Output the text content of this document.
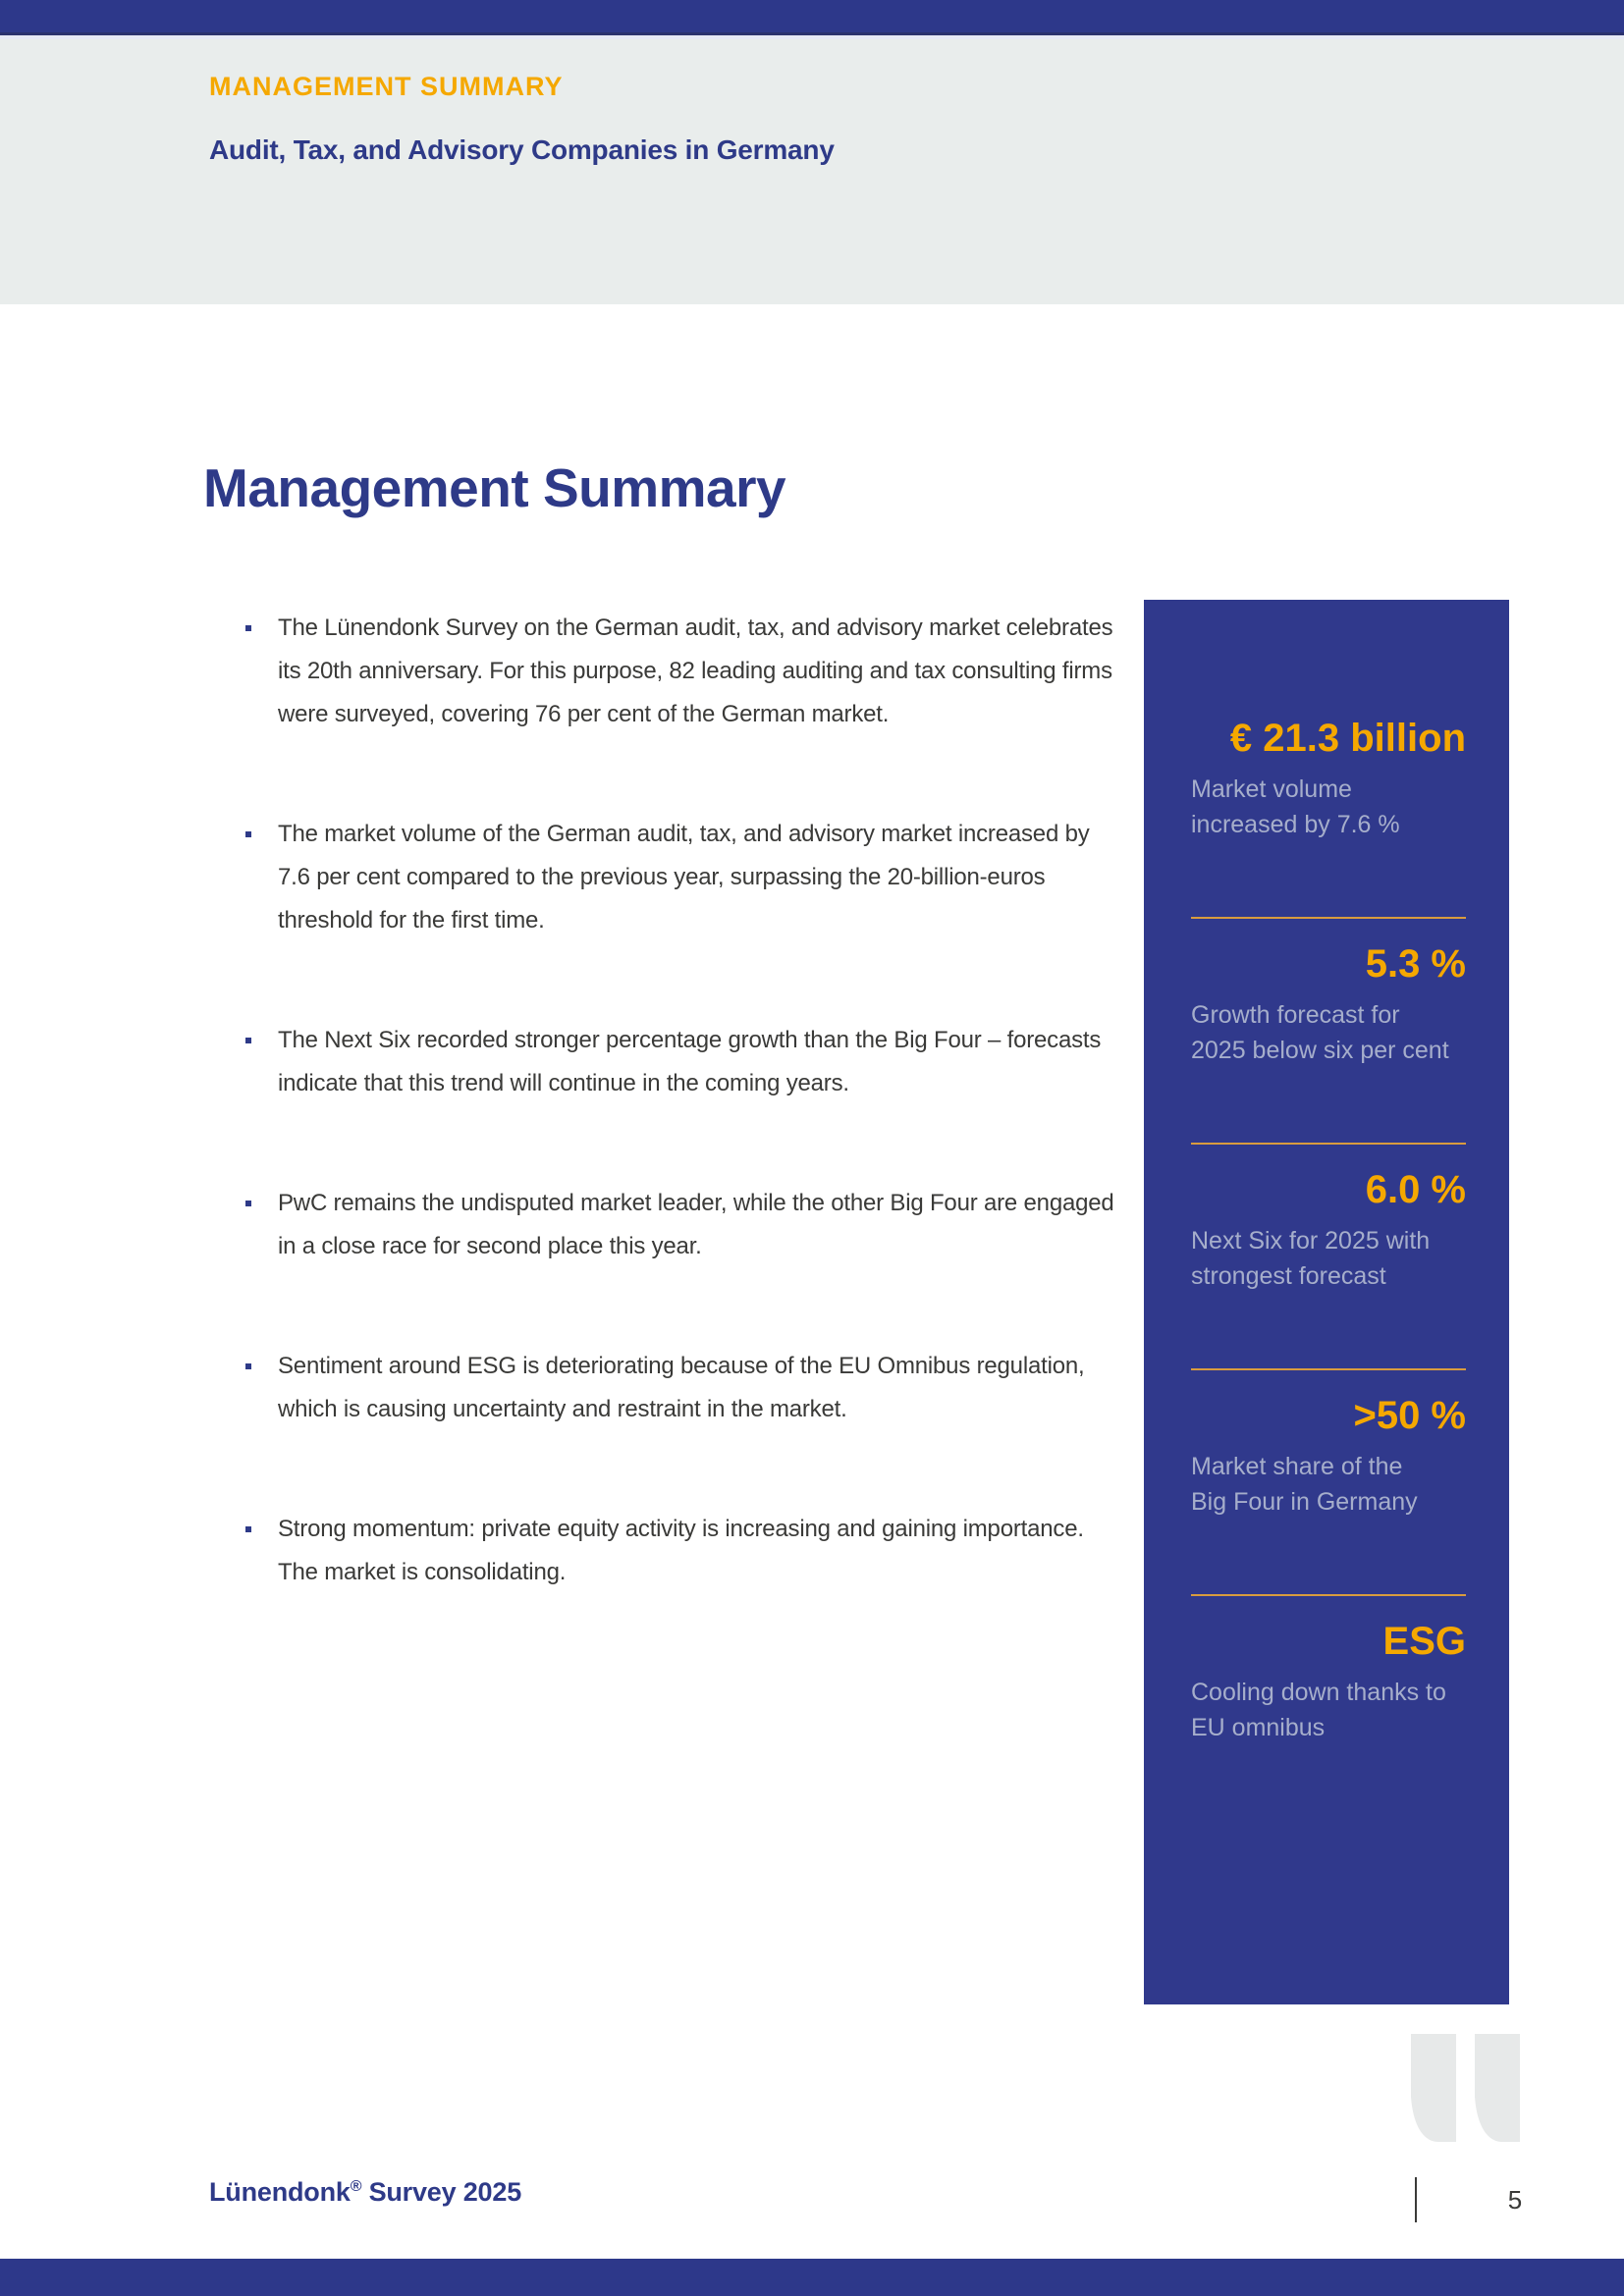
MANAGEMENT SUMMARY
Audit, Tax, and Advisory Companies in Germany
Management Summary
The Lünendonk Survey on the German audit, tax, and advisory market celebrates its 20th anniversary. For this purpose, 82 leading auditing and tax consulting firms were surveyed, covering 76 per cent of the German market.
The market volume of the German audit, tax, and advisory market increased by 7.6 per cent compared to the previous year, surpassing the 20-billion-euros threshold for the first time.
The Next Six recorded stronger percentage growth than the Big Four – forecasts indicate that this trend will continue in the coming years.
PwC remains the undisputed market leader, while the other Big Four are engaged in a close race for second place this year.
Sentiment around ESG is deteriorating because of the EU Omnibus regulation, which is causing uncertainty and restraint in the market.
Strong momentum: private equity activity is increasing and gaining importance. The market is consolidating.
€ 21.3 billion

Market volume
increased by 7.6 %

5.3 %

Growth forecast for
2025 below six per cent

6.0 %

Next Six for 2025 with
strongest forecast

>50 %

Market share of the
Big Four in Germany

ESG

Cooling down thanks to
EU omnibus

Lünendonk® Survey 2025	5
